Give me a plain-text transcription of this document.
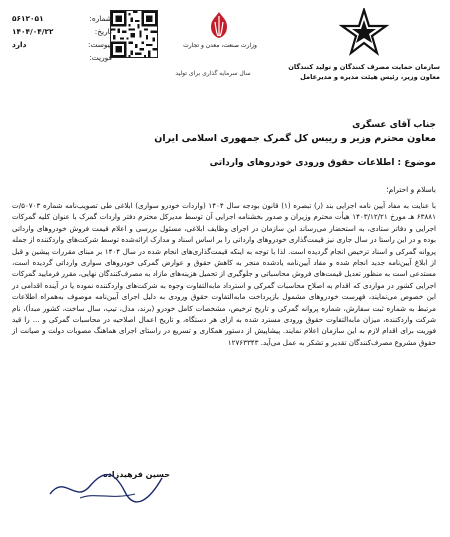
سازمان حمایت مصرف کنندگان و تولید کنندگان
معاون وزیر، رئیس هیئت مدیره و مدیرعامل
وزارت صنعت، معدن و تجارت
سال سرمایه گذاری برای تولید
شماره:
۵۶۱۲۰۵۱
تاریخ:
۱۴۰۴/۰۴/۲۲
پیوست:
دارد
فوریت:
جناب آقای عسگری
معاون محترم وزیر و رییس کل گمرک جمهوری اسلامی ایران
موضوع : اطلاعات حقوق ورودی خودروهای وارداتی
باسلام و احترام؛
با عنایت به مفاد آیین نامه اجرایی بند (ر) تبصره (۱) قانون بودجه سال ۱۴۰۴ (واردات خودرو سواری) ابلاغی طی تصویب‌نامه شماره ۵۰۷۰۳/ت ۶۳۸۸۱ هـ مورخ ۱۴۰۳/۱۲/۲۱ هیأت محترم وزیران و صدور بخشنامه اجرایی آن توسط مدیرکل محترم دفتر واردات گمرک با عنوان کلیه گمرکات اجرایی و دفاتر ستادی، به استحضار می‌رساند این سازمان در اجرای وظایف ابلاغی، مسئول بررسی و اعلام قیمت فروش خودروهای وارداتی بوده و در این راستا در سال جاری نیز قیمت‌گذاری خودروهای وارداتی را بر اساس اسناد و مدارک ارائه‌شده توسط شرکت‌های واردکننده از جمله پروانه گمرکی و اسناد ترخیص انجام گردیده است. لذا با توجه به اینکه قیمت‌گذاری‌های انجام شده در سال ۱۴۰۴ بر مبنای مقررات پیشین و قبل از ابلاغ آیین‌نامه جدید انجام شده و مفاد آیین‌نامه یادشده منجر به کاهش حقوق و عوارض گمرکی خودروهای سواری وارداتی گردیده است، مستدعی است به منظور تعدیل قیمت‌های فروش محاسباتی و جلوگیری از تحمیل هزینه‌های مازاد به مصرف‌کنندگان نهایی، مقرر فرمایید گمرکات اجرایی کشور در مواردی که اقدام به اصلاح محاسبات گمرکی و استرداد مابه‌التفاوت وجوه به شرکت‌های واردکننده نموده یا در آینده اقدامی در این خصوص می‌نمایند، فهرست خودروهای مشمول بازپرداخت مابه‌التفاوت حقوق ورودی به دلیل اجرای آیین‌نامه موصوف به‌همراه اطلاعات مرتبط به شماره ثبت سفارش، شماره پروانه گمرکی و تاریخ ترخیص، مشخصات کامل خودرو (برند، مدل، تیپ، سال ساخت، کشور مبدأ)، نام شرکت واردکننده، میزان مابه‌التفاوت حقوق ورودی مسترد شده به ازای هر دستگاه، و تاریخ اعمال اصلاحیه در محاسبات گمرکی و ... را قید فوریت برای اقدام لازم به این سازمان اعلام نمایند. پیشاپیش از دستور همکاری و تسریع در راستای اجرای هماهنگ مصوبات دولت و صیانت از حقوق مشروع مصرف‌کنندگان تقدیر و تشکر به عمل می‌آید. ۱۲۷۶۳۳۴۳
حسین فرهیدزاده
